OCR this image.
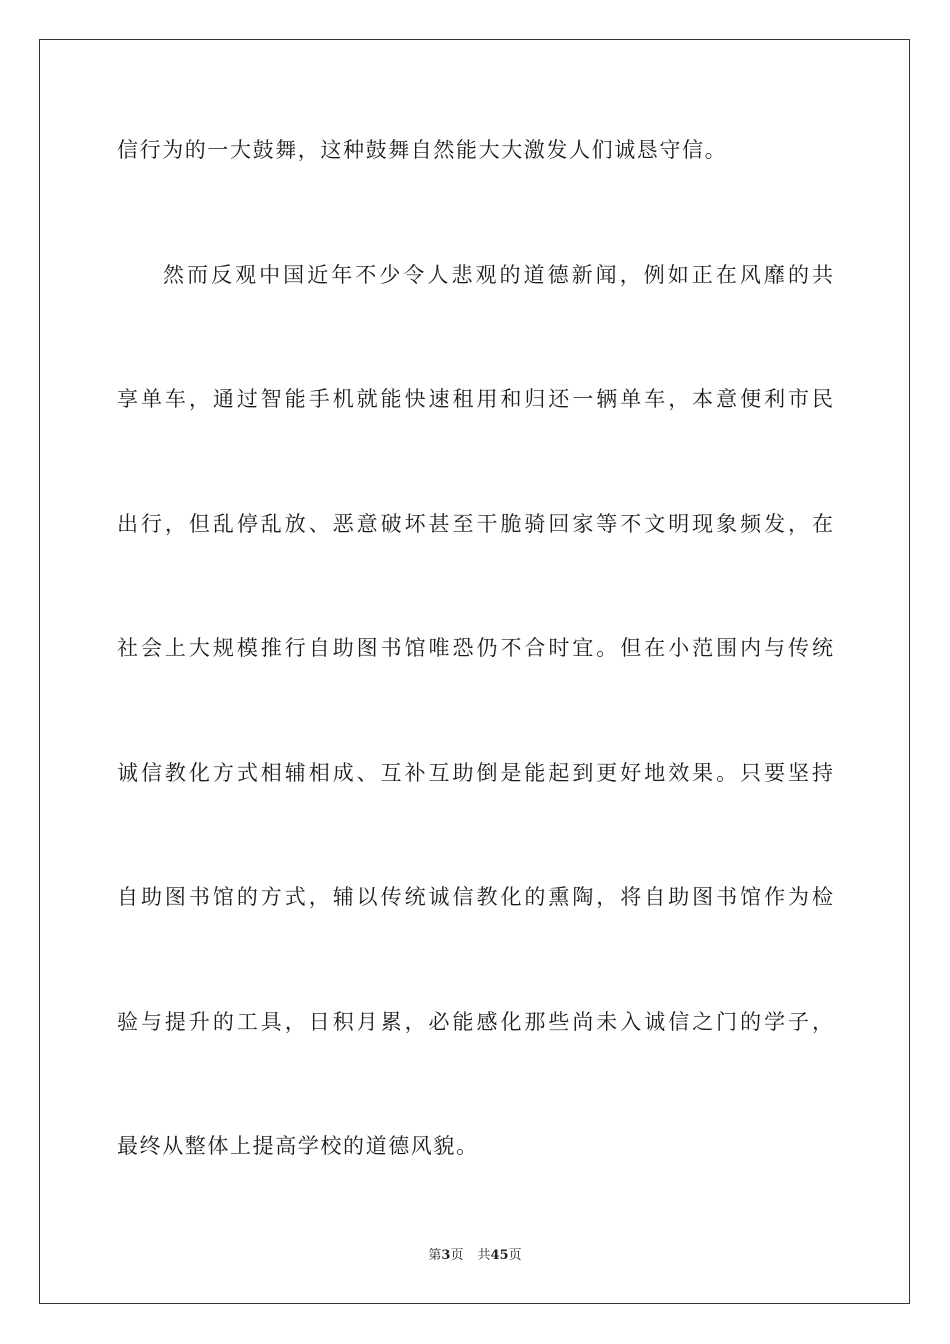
信行为的一大鼓舞，这种鼓舞自然能大大激发人们诚恳守信。
然而反观中国近年不少令人悲观的道德新闻，例如正在风靡的共
享单车，通过智能手机就能快速租用和归还一辆单车，本意便利市民
出行，但乱停乱放、恶意破坏甚至干脆骑回家等不文明现象频发，在
社会上大规模推行自助图书馆唯恐仍不合时宜。但在小范围内与传统
诚信教化方式相辅相成、互补互助倒是能起到更好地效果。只要坚持
自助图书馆的方式，辅以传统诚信教化的熏陶，将自助图书馆作为检
验与提升的工具，日积月累，必能感化那些尚未入诚信之门的学子，
最终从整体上提高学校的道德风貌。
第3页 共45页
